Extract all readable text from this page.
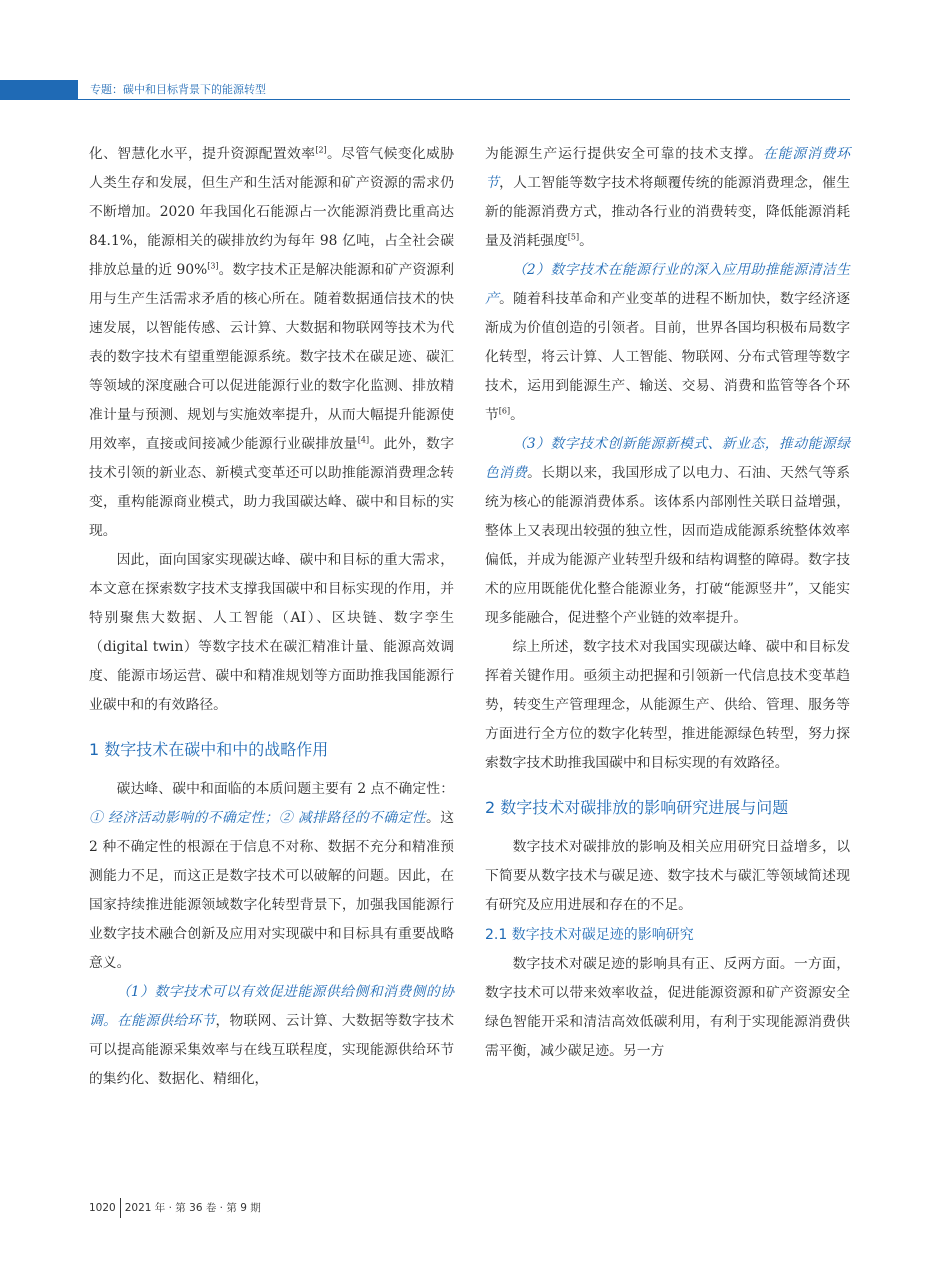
专题：碳中和目标背景下的能源转型

化、智慧化水平，提升资源配置效率[2]。尽管气候变化威胁人类生存和发展，但生产和生活对能源和矿产资源的需求仍不断增加。2020 年我国化石能源占一次能源消费比重高达 84.1%，能源相关的碳排放约为每年 98 亿吨，占全社会碳排放总量的近 90%[3]。数字技术正是解决能源和矿产资源利用与生产生活需求矛盾的核心所在。随着数据通信技术的快速发展，以智能传感、云计算、大数据和物联网等技术为代表的数字技术有望重塑能源系统。数字技术在碳足迹、碳汇等领域的深度融合可以促进能源行业的数字化监测、排放精准计量与预测、规划与实施效率提升，从而大幅提升能源使用效率，直接或间接减少能源行业碳排放量[4]。此外，数字技术引领的新业态、新模式变革还可以助推能源消费理念转变，重构能源商业模式，助力我国碳达峰、碳中和目标的实现。

因此，面向国家实现碳达峰、碳中和目标的重大需求，本文意在探索数字技术支撑我国碳中和目标实现的作用，并特别聚焦大数据、人工智能（AI）、区块链、数字孪生（digital twin）等数字技术在碳汇精准计量、能源高效调度、能源市场运营、碳中和精准规划等方面助推我国能源行业碳中和的有效路径。

1 数字技术在碳中和中的战略作用

碳达峰、碳中和面临的本质问题主要有 2 点不确定性：① 经济活动影响的不确定性；② 减排路径的不确定性。这 2 种不确定性的根源在于信息不对称、数据不充分和精准预测能力不足，而这正是数字技术可以破解的问题。因此，在国家持续推进能源领域数字化转型背景下，加强我国能源行业数字技术融合创新及应用对实现碳中和目标具有重要战略意义。

（1）数字技术可以有效促进能源供给侧和消费侧的协调。在能源供给环节，物联网、云计算、大数据等数字技术可以提高能源采集效率与在线互联程度，实现能源供给环节的集约化、数据化、精细化，

为能源生产运行提供安全可靠的技术支撑。在能源消费环节，人工智能等数字技术将颠覆传统的能源消费理念，催生新的能源消费方式，推动各行业的消费转变，降低能源消耗量及消耗强度[5]。

（2）数字技术在能源行业的深入应用助推能源清洁生产。随着科技革命和产业变革的进程不断加快，数字经济逐渐成为价值创造的引领者。目前，世界各国均积极布局数字化转型，将云计算、人工智能、物联网、分布式管理等数字技术，运用到能源生产、输送、交易、消费和监管等各个环节[6]。

（3）数字技术创新能源新模式、新业态，推动能源绿色消费。长期以来，我国形成了以电力、石油、天然气等系统为核心的能源消费体系。该体系内部刚性关联日益增强，整体上又表现出较强的独立性，因而造成能源系统整体效率偏低，并成为能源产业转型升级和结构调整的障碍。数字技术的应用既能优化整合能源业务，打破“能源竖井”，又能实现多能融合，促进整个产业链的效率提升。

综上所述，数字技术对我国实现碳达峰、碳中和目标发挥着关键作用。亟须主动把握和引领新一代信息技术变革趋势，转变生产管理理念，从能源生产、供给、管理、服务等方面进行全方位的数字化转型，推进能源绿色转型，努力探索数字技术助推我国碳中和目标实现的有效路径。

2 数字技术对碳排放的影响研究进展与问题

数字技术对碳排放的影响及相关应用研究日益增多，以下简要从数字技术与碳足迹、数字技术与碳汇等领域简述现有研究及应用进展和存在的不足。

2.1 数字技术对碳足迹的影响研究

数字技术对碳足迹的影响具有正、反两方面。一方面，数字技术可以带来效率收益，促进能源资源和矿产资源安全绿色智能开采和清洁高效低碳利用，有利于实现能源消费供需平衡，减少碳足迹。另一方

1020 2021 年 · 第 36 卷 · 第 9 期
